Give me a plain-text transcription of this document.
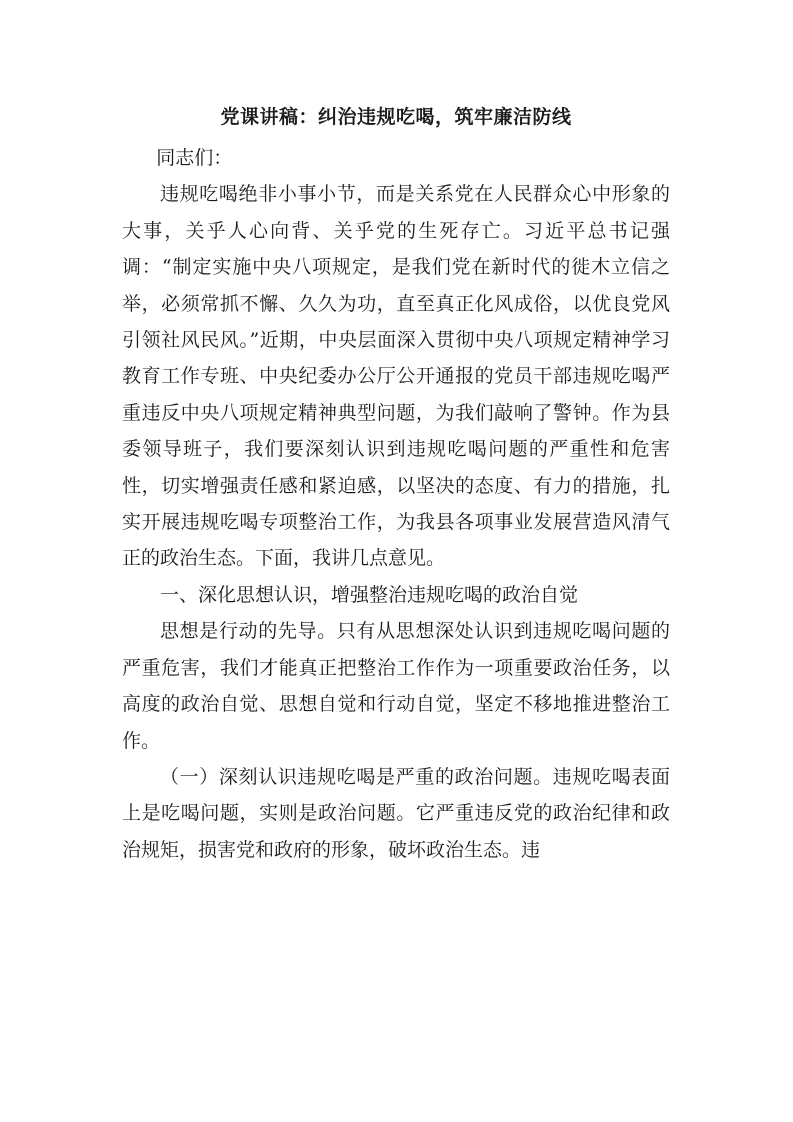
党课讲稿：纠治违规吃喝，筑牢廉洁防线

同志们：

违规吃喝绝非小事小节，而是关系党在人民群众心中形象的大事，关乎人心向背、关乎党的生死存亡。习近平总书记强调：“制定实施中央八项规定，是我们党在新时代的徙木立信之举，必须常抓不懈、久久为功，直至真正化风成俗，以优良党风引领社风民风。”近期，中央层面深入贯彻中央八项规定精神学习教育工作专班、中央纪委办公厅公开通报的党员干部违规吃喝严重违反中央八项规定精神典型问题，为我们敲响了警钟。作为县委领导班子，我们要深刻认识到违规吃喝问题的严重性和危害性，切实增强责任感和紧迫感，以坚决的态度、有力的措施，扎实开展违规吃喝专项整治工作，为我县各项事业发展营造风清气正的政治生态。下面，我讲几点意见。

一、深化思想认识，增强整治违规吃喝的政治自觉

思想是行动的先导。只有从思想深处认识到违规吃喝问题的严重危害，我们才能真正把整治工作作为一项重要政治任务，以高度的政治自觉、思想自觉和行动自觉，坚定不移地推进整治工作。

（一）深刻认识违规吃喝是严重的政治问题。违规吃喝表面上是吃喝问题，实则是政治问题。它严重违反党的政治纪律和政治规矩，损害党和政府的形象，破坏政治生态。违
